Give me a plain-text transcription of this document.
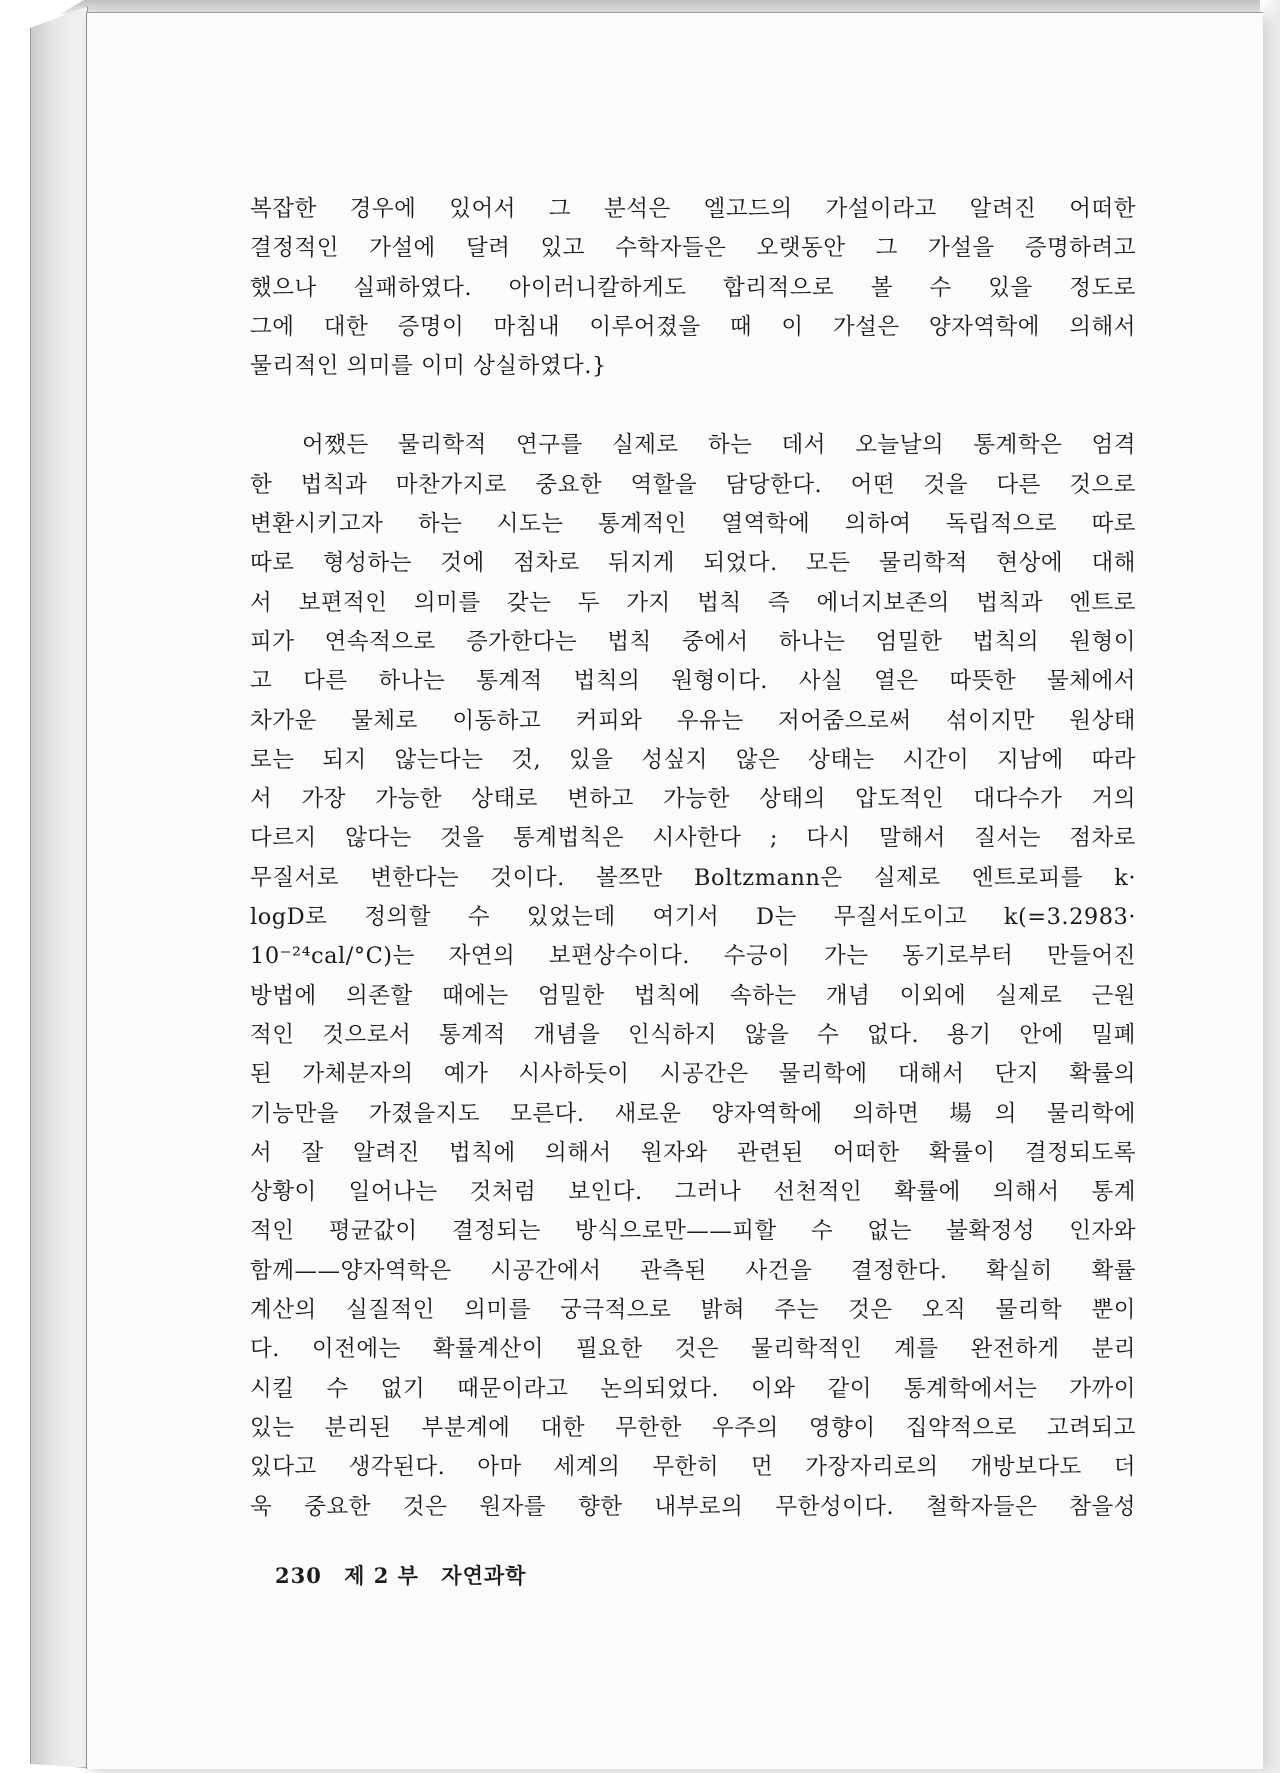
복잡한 경우에 있어서 그 분석은 엘고드의 가설이라고 알려진 어떠한
결정적인 가설에 달려 있고 수학자들은 오랫동안 그 가설을 증명하려고
했으나 실패하였다. 아이러니칼하게도 합리적으로 볼 수 있을 정도로
그에 대한 증명이 마침내 이루어졌을 때 이 가설은 양자역학에 의해서
물리적인 의미를 이미 상실하였다.}
어쨌든 물리학적 연구를 실제로 하는 데서 오늘날의 통계학은 엄격
한 법칙과 마찬가지로 중요한 역할을 담당한다. 어떤 것을 다른 것으로
변환시키고자 하는 시도는 통계적인 열역학에 의하여 독립적으로 따로
따로 형성하는 것에 점차로 뒤지게 되었다. 모든 물리학적 현상에 대해
서 보편적인 의미를 갖는 두 가지 법칙 즉 에너지보존의 법칙과 엔트로
피가 연속적으로 증가한다는 법칙 중에서 하나는 엄밀한 법칙의 원형이
고 다른 하나는 통계적 법칙의 원형이다. 사실 열은 따뜻한 물체에서
차가운 물체로 이동하고 커피와 우유는 저어줌으로써 섞이지만 원상태
로는 되지 않는다는 것, 있을 성싶지 않은 상태는 시간이 지남에 따라
서 가장 가능한 상태로 변하고 가능한 상태의 압도적인 대다수가 거의
다르지 않다는 것을 통계법칙은 시사한다 ; 다시 말해서 질서는 점차로
무질서로 변한다는 것이다. 볼쯔만 Boltzmann은 실제로 엔트로피를 k·
logD로 정의할 수 있었는데 여기서 D는 무질서도이고 k(=3.2983·
10⁻²⁴cal/°C)는 자연의 보편상수이다. 수긍이 가는 동기로부터 만들어진
방법에 의존할 때에는 엄밀한 법칙에 속하는 개념 이외에 실제로 근원
적인 것으로서 통계적 개념을 인식하지 않을 수 없다. 용기 안에 밀폐
된 가체분자의 예가 시사하듯이 시공간은 물리학에 대해서 단지 확률의
기능만을 가졌을지도 모른다. 새로운 양자역학에 의하면 場의 물리학에
서 잘 알려진 법칙에 의해서 원자와 관련된 어떠한 확률이 결정되도록
상황이 일어나는 것처럼 보인다. 그러나 선천적인 확률에 의해서 통계
적인 평균값이 결정되는 방식으로만——피할 수 없는 불확정성 인자와
함께——양자역학은 시공간에서 관측된 사건을 결정한다. 확실히 확률
계산의 실질적인 의미를 궁극적으로 밝혀 주는 것은 오직 물리학 뿐이
다. 이전에는 확률계산이 필요한 것은 물리학적인 계를 완전하게 분리
시킬 수 없기 때문이라고 논의되었다. 이와 같이 통계학에서는 가까이
있는 분리된 부분계에 대한 무한한 우주의 영향이 집약적으로 고려되고
있다고 생각된다. 아마 세계의 무한히 먼 가장자리로의 개방보다도 더
욱 중요한 것은 원자를 향한 내부로의 무한성이다. 철학자들은 참을성
230 제 2 부 자연과학
